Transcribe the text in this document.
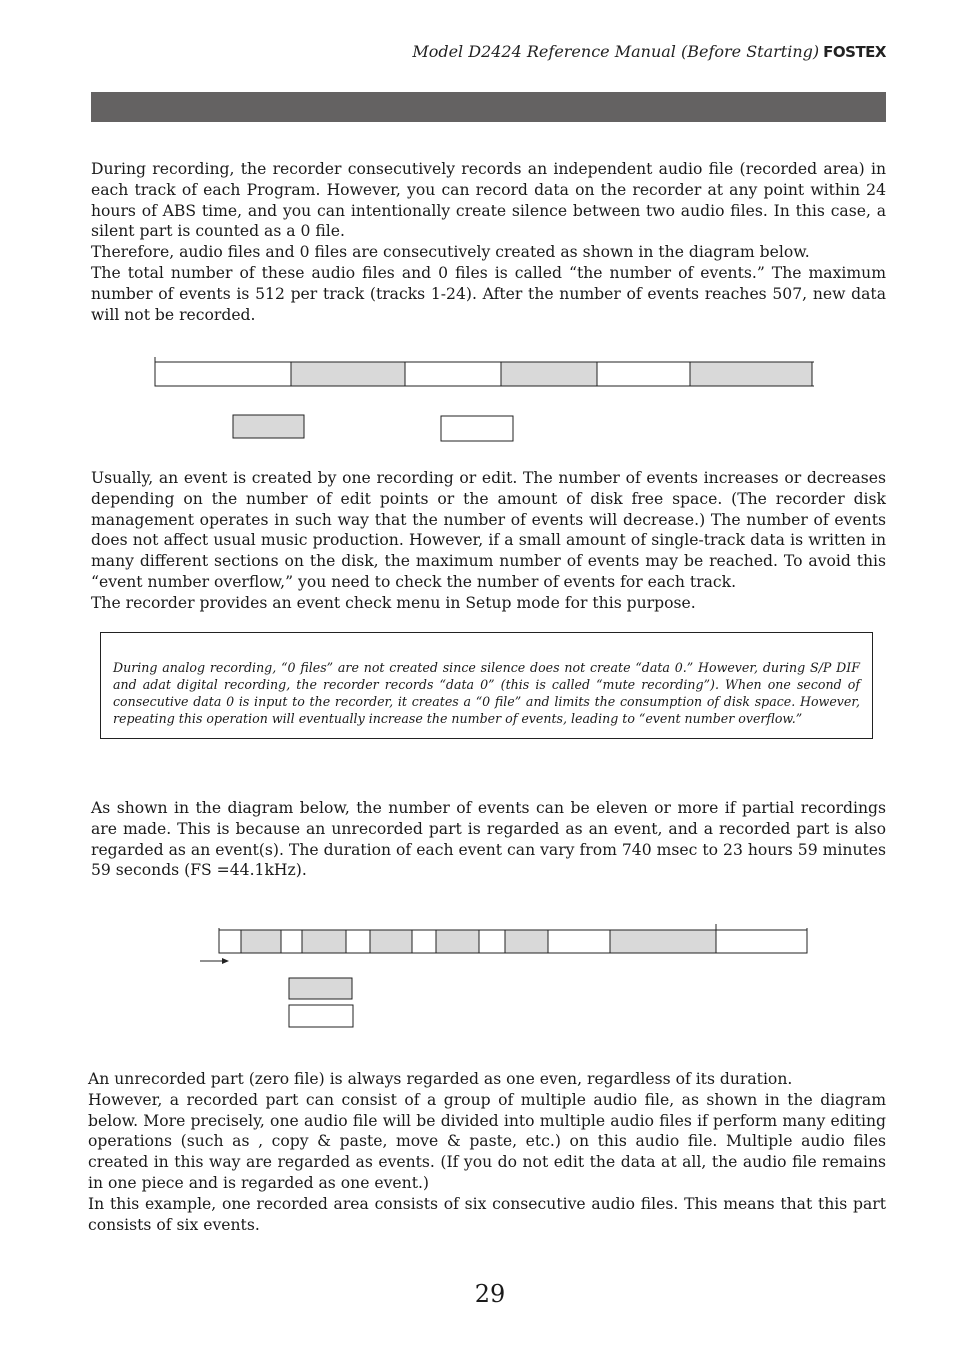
Model D2424 Reference Manual (Before Starting) FOSTEX

During recording, the recorder consecutively records an independent audio file (recorded area) in each track of each Program. However, you can record data on the recorder at any point within 24 hours of ABS time, and you can intentionally create silence between two audio files. In this case, a silent part is counted as a 0 file.
Therefore, audio files and 0 files are consecutively created as shown in the diagram below.
The total number of these audio files and 0 files is called “the number of events.” The maximum number of events is 512 per track (tracks 1-24). After the number of events reaches 507, new data will not be recorded.

Usually, an event is created by one recording or edit. The number of events increases or decreases depending on the number of edit points or the amount of disk free space. (The recorder disk management operates in such way that the number of events will decrease.) The number of events does not affect usual music production. However, if a small amount of single-track data is written in many different sections on the disk, the maximum number of events may be reached. To avoid this “event number overflow,” you need to check the number of events for each track.
The recorder provides an event check menu in Setup mode for this purpose.

During analog recording, “0 files” are not created since silence does not create “data 0.” However, during S/P DIF and adat digital recording, the recorder records “data 0” (this is called “mute recording”). When one second of consecutive data 0 is input to the recorder, it creates a “0 file” and limits the consumption of disk space. However, repeating this operation will eventually increase the number of events, leading to “event number overflow.”

As shown in the diagram below, the number of events can be eleven or more if partial recordings are made. This is because an unrecorded part is regarded as an event, and a recorded part is also regarded as an event(s). The duration of each event can vary from 740 msec to 23 hours 59 minutes 59 seconds (FS =44.1kHz).

An unrecorded part (zero file) is always regarded as one even, regardless of its duration.
However, a recorded part can consist of a group of multiple audio file, as shown in the diagram below. More precisely, one audio file will be divided into multiple audio files if perform many editing operations (such as , copy & paste, move & paste, etc.) on this audio file. Multiple audio files created in this way are regarded as events. (If you do not edit the data at all, the audio file remains in one piece and is regarded as one event.)
In this example, one recorded area consists of six consecutive audio files. This means that this part consists of six events.

29
